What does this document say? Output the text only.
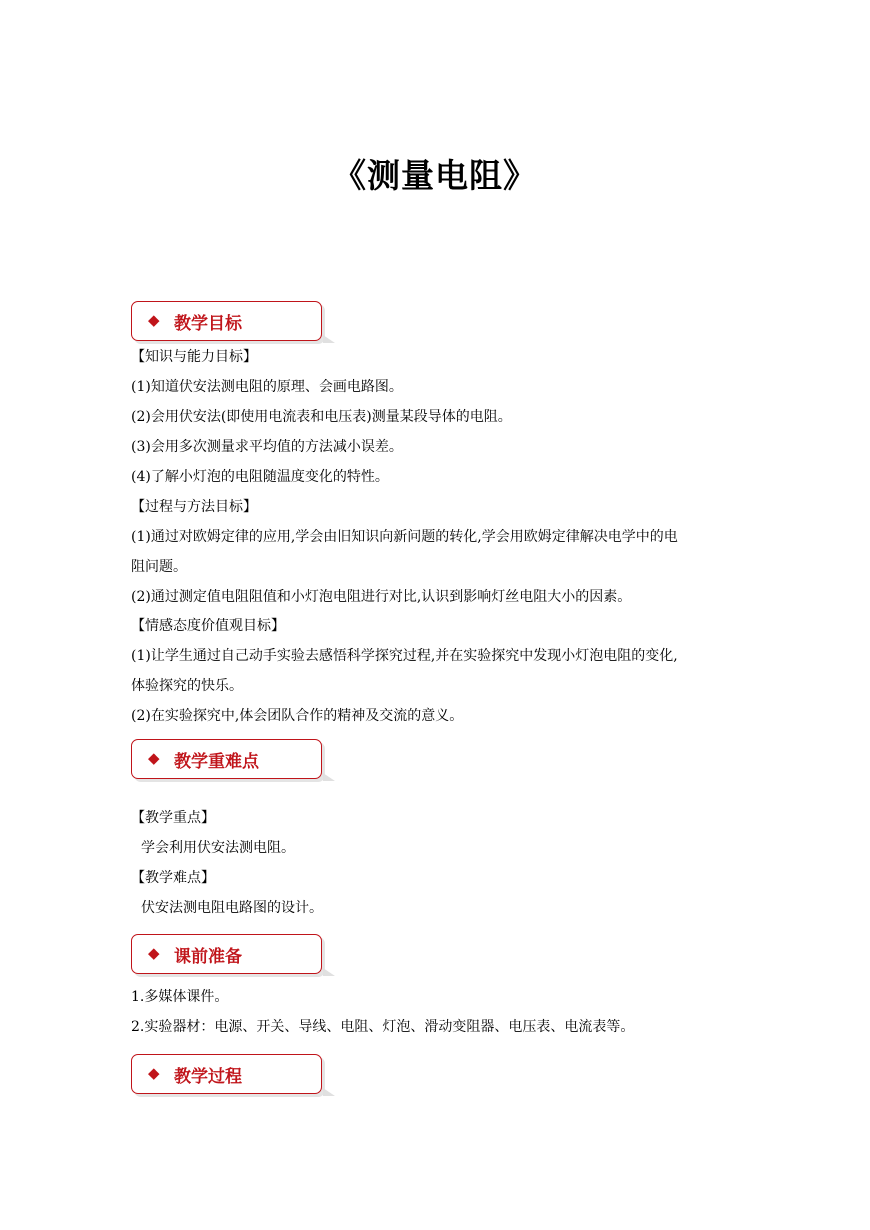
《测量电阻》
◆ 教学目标
【知识与能力目标】
(1)知道伏安法测电阻的原理、会画电路图。
(2)会用伏安法(即使用电流表和电压表)测量某段导体的电阻。
(3)会用多次测量求平均值的方法减小误差。
(4)了解小灯泡的电阻随温度变化的特性。
【过程与方法目标】
(1)通过对欧姆定律的应用,学会由旧知识向新问题的转化,学会用欧姆定律解决电学中的电
阻问题。
(2)通过测定值电阻阻值和小灯泡电阻进行对比,认识到影响灯丝电阻大小的因素。
【情感态度价值观目标】
(1)让学生通过自己动手实验去感悟科学探究过程,并在实验探究中发现小灯泡电阻的变化,
体验探究的快乐。
(2)在实验探究中,体会团队合作的精神及交流的意义。
◆ 教学重难点
【教学重点】
学会利用伏安法测电阻。
【教学难点】
伏安法测电阻电路图的设计。
◆ 课前准备
1.多媒体课件。
2.实验器材：电源、开关、导线、电阻、灯泡、滑动变阻器、电压表、电流表等。
◆ 教学过程
